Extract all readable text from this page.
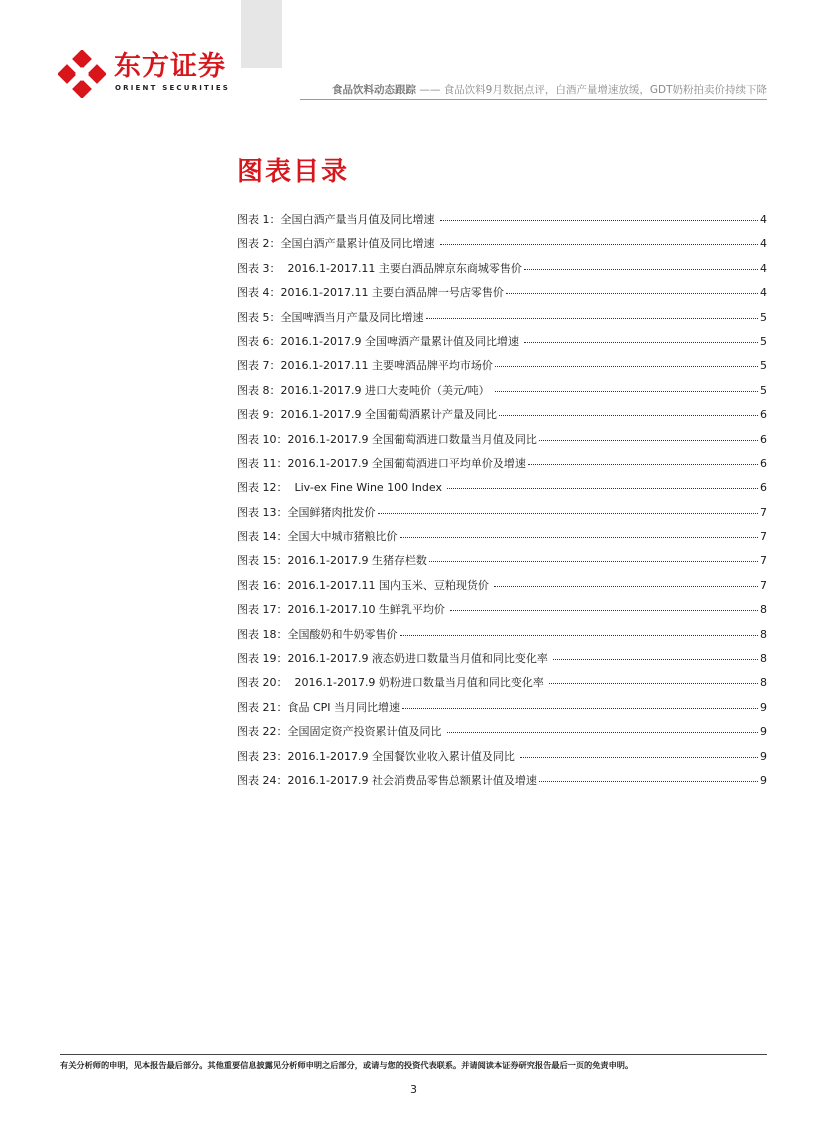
东方证券
ORIENT SECURITIES	食品饮料动态跟踪 —— 食品饮料9月数据点评，白酒产量增速放缓，GDT奶粉拍卖价持续下降
图表目录
图表 1：全国白酒产量当月值及同比增速	4
图表 2：全国白酒产量累计值及同比增速	4
图表 3：  2016.1-2017.11 主要白酒品牌京东商城零售价	4
图表 4：2016.1-2017.11 主要白酒品牌一号店零售价	4
图表 5：全国啤酒当月产量及同比增速	5
图表 6：2016.1-2017.9 全国啤酒产量累计值及同比增速	5
图表 7：2016.1-2017.11 主要啤酒品牌平均市场价	5
图表 8：2016.1-2017.9 进口大麦吨价（美元/吨）	5
图表 9：2016.1-2017.9 全国葡萄酒累计产量及同比	6
图表 10：2016.1-2017.9 全国葡萄酒进口数量当月值及同比	6
图表 11：2016.1-2017.9 全国葡萄酒进口平均单价及增速	6
图表 12：  Liv-ex Fine Wine 100 Index	6
图表 13：全国鲜猪肉批发价	7
图表 14：全国大中城市猪粮比价	7
图表 15：2016.1-2017.9 生猪存栏数	7
图表 16：2016.1-2017.11 国内玉米、豆粕现货价	7
图表 17：2016.1-2017.10 生鲜乳平均价	8
图表 18：全国酸奶和牛奶零售价	8
图表 19：2016.1-2017.9 液态奶进口数量当月值和同比变化率	8
图表 20：  2016.1-2017.9 奶粉进口数量当月值和同比变化率	8
图表 21：食品 CPI 当月同比增速	9
图表 22：全国固定资产投资累计值及同比	9
图表 23：2016.1-2017.9 全国餐饮业收入累计值及同比	9
图表 24：2016.1-2017.9 社会消费品零售总额累计值及增速	9
有关分析师的申明，见本报告最后部分。其他重要信息披露见分析师申明之后部分，或请与您的投资代表联系。并请阅读本证券研究报告最后一页的免责申明。
3
